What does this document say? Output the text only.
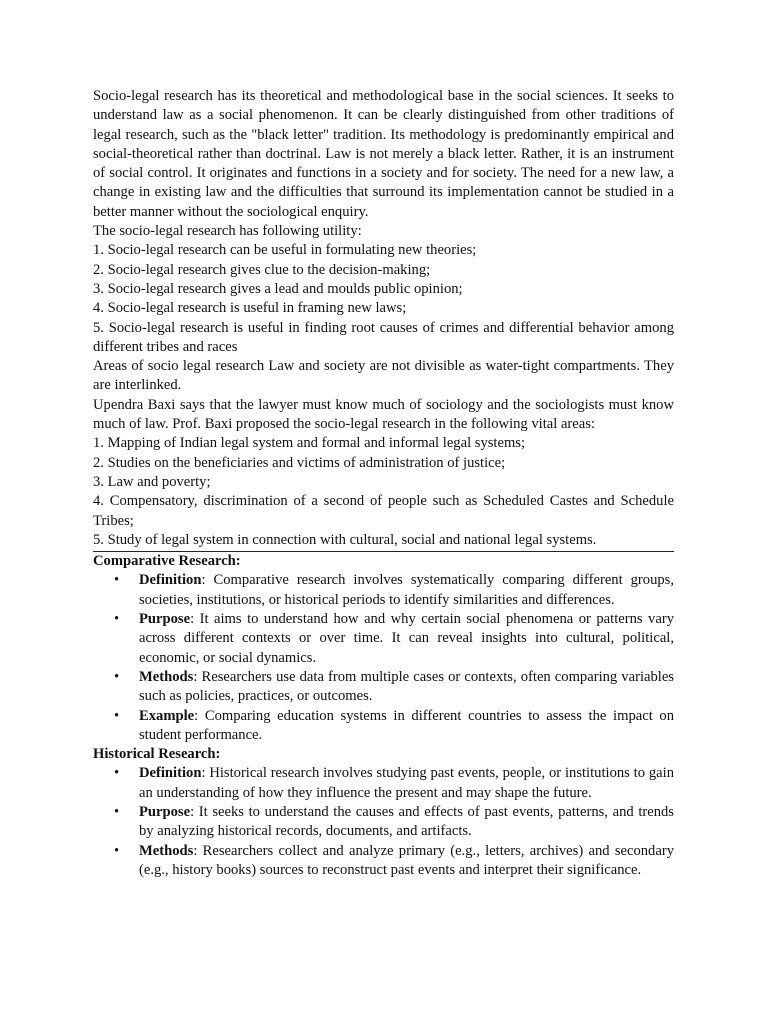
Socio-legal research has its theoretical and methodological base in the social sciences. It seeks to understand law as a social phenomenon. It can be clearly distinguished from other traditions of legal research, such as the "black letter" tradition. Its methodology is predominantly empirical and social-theoretical rather than doctrinal. Law is not merely a black letter. Rather, it is an instrument of social control. It originates and functions in a society and for society. The need for a new law, a change in existing law and the difficulties that surround its implementation cannot be studied in a better manner without the sociological enquiry.

The socio-legal research has following utility:

1. Socio-legal research can be useful in formulating new theories;

2. Socio-legal research gives clue to the decision-making;

3. Socio-legal research gives a lead and moulds public opinion;

4. Socio-legal research is useful in framing new laws;

5. Socio-legal research is useful in finding root causes of crimes and differential behavior among different tribes and races

Areas of socio legal research Law and society are not divisible as water-tight compartments. They are interlinked.

Upendra Baxi says that the lawyer must know much of sociology and the sociologists must know much of law. Prof. Baxi proposed the socio-legal research in the following vital areas:

1. Mapping of Indian legal system and formal and informal legal systems;

2. Studies on the beneficiaries and victims of administration of justice;

3. Law and poverty;

4. Compensatory, discrimination of a second of people such as Scheduled Castes and Schedule Tribes;

5. Study of legal system in connection with cultural, social and national legal systems.

Comparative Research:

• Definition: Comparative research involves systematically comparing different groups, societies, institutions, or historical periods to identify similarities and differences.
• Purpose: It aims to understand how and why certain social phenomena or patterns vary across different contexts or over time. It can reveal insights into cultural, political, economic, or social dynamics.
• Methods: Researchers use data from multiple cases or contexts, often comparing variables such as policies, practices, or outcomes.
• Example: Comparing education systems in different countries to assess the impact on student performance.

Historical Research:

• Definition: Historical research involves studying past events, people, or institutions to gain an understanding of how they influence the present and may shape the future.
• Purpose: It seeks to understand the causes and effects of past events, patterns, and trends by analyzing historical records, documents, and artifacts.
• Methods: Researchers collect and analyze primary (e.g., letters, archives) and secondary (e.g., history books) sources to reconstruct past events and interpret their significance.
